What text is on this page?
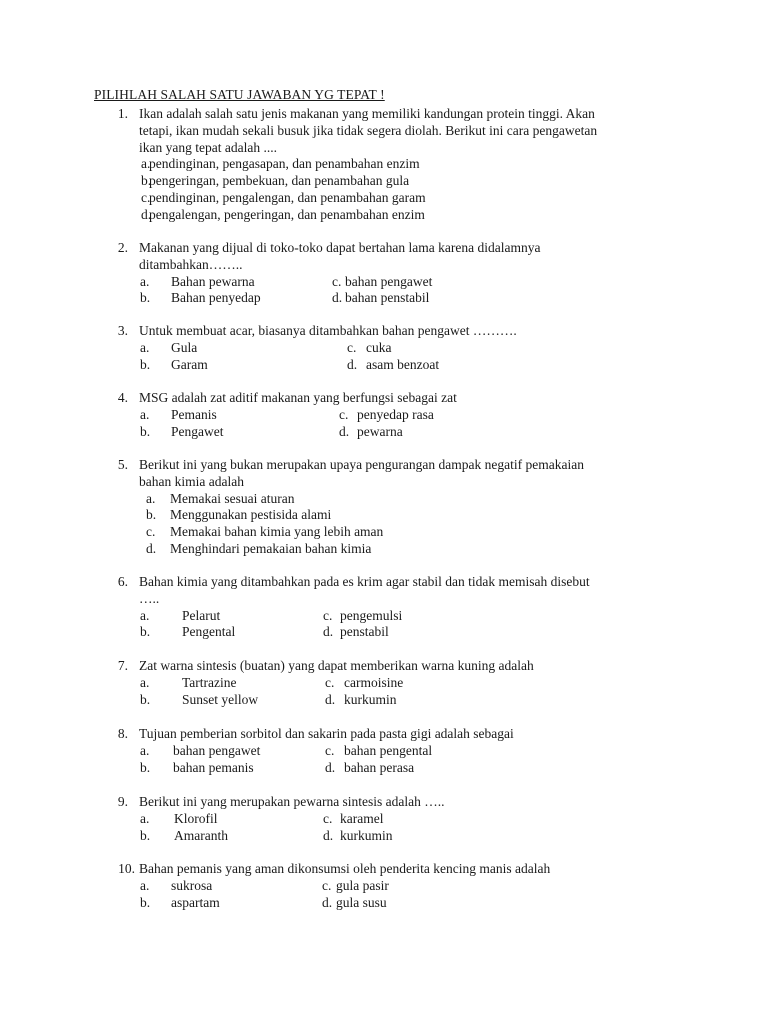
PILIHLAH SALAH SATU JAWABAN YG TEPAT !
1. Ikan adalah salah satu jenis makanan yang memiliki kandungan protein tinggi. Akan
tetapi, ikan mudah sekali busuk jika tidak segera diolah. Berikut ini cara pengawetan
ikan yang tepat adalah ....
a.
pendinginan, pengasapan, dan penambahan enzim
b.
pengeringan, pembekuan, dan penambahan gula
c.
pendinginan, pengalengan, dan penambahan garam
d.
pengalengan, pengeringan, dan penambahan enzim
2. Makanan yang dijual di toko-toko dapat bertahan lama karena didalamnya
ditambahkan……..
a. Bahan pewarna	c. bahan pengawet
b. Bahan penyedap	d. bahan penstabil
3. Untuk membuat acar, biasanya ditambahkan bahan pengawet ……….
a. Gula	c. cuka
b. Garam	d. asam benzoat
4. MSG adalah zat aditif makanan yang berfungsi sebagai zat
a. Pemanis	c. penyedap rasa
b. Pengawet	d. pewarna
5. Berikut ini yang bukan merupakan upaya pengurangan dampak negatif pemakaian
bahan kimia adalah
a. Memakai sesuai aturan
b. Menggunakan pestisida alami
c. Memakai bahan kimia yang lebih aman
d. Menghindari pemakaian bahan kimia
6. Bahan kimia yang ditambahkan pada es krim agar stabil dan tidak memisah disebut
…..
a. Pelarut	c. pengemulsi
b. Pengental	d. penstabil
7. Zat warna sintesis (buatan) yang dapat memberikan warna kuning adalah
a. Tartrazine	c. carmoisine
b. Sunset yellow	d. kurkumin
8. Tujuan pemberian sorbitol dan sakarin pada pasta gigi adalah sebagai
a. bahan pengawet	c. bahan pengental
b. bahan pemanis	d. bahan perasa
9. Berikut ini yang merupakan pewarna sintesis adalah …..
a. Klorofil	c. karamel
b. Amaranth	d. kurkumin
10. Bahan pemanis yang aman dikonsumsi oleh penderita kencing manis adalah
a. sukrosa	c. gula pasir
b. aspartam	d. gula susu
